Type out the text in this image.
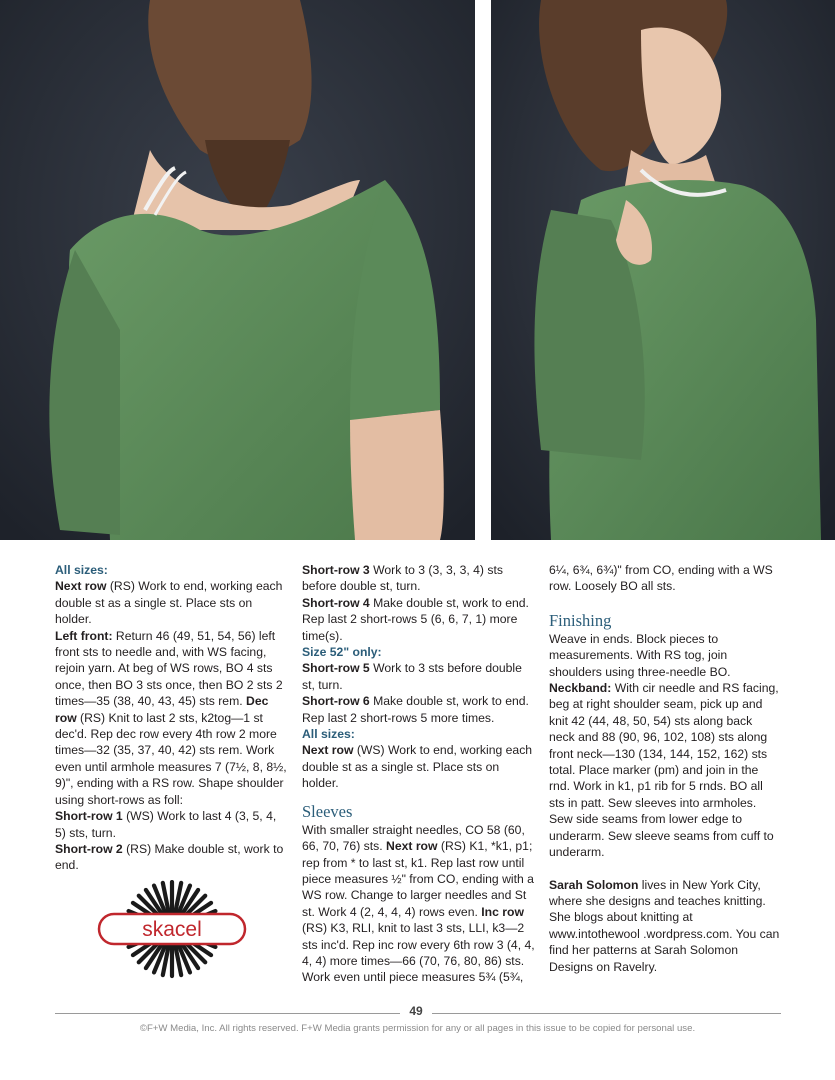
All sizes:

Next row (RS) Work to end, working each double st as a single st. Place sts on holder.

Left front: Return 46 (49, 51, 54, 56) left front sts to needle and, with WS facing, rejoin yarn. At beg of WS rows, BO 4 sts once, then BO 3 sts once, then BO 2 sts 2 times—35 (38, 40, 43, 45) sts rem. Dec row (RS) Knit to last 2 sts, k2tog—1 st dec'd. Rep dec row every 4th row 2 more times—32 (35, 37, 40, 42) sts rem. Work even until armhole measures 7 (7½, 8, 8½, 9)", ending with a RS row. Shape shoulder using short-rows as foll:

Short-row 1 (WS) Work to last 4 (3, 5, 4, 5) sts, turn.

Short-row 2 (RS) Make double st, work to end.

skacel

Short-row 3 Work to 3 (3, 3, 3, 4) sts before double st, turn.

Short-row 4 Make double st, work to end. Rep last 2 short-rows 5 (6, 6, 7, 1) more time(s).

Size 52" only:

Short-row 5 Work to 3 sts before double st, turn.

Short-row 6 Make double st, work to end. Rep last 2 short-rows 5 more times.

All sizes:

Next row (WS) Work to end, working each double st as a single st. Place sts on holder.

Sleeves

With smaller straight needles, CO 58 (60, 66, 70, 76) sts. Next row (RS) K1, *k1, p1; rep from * to last st, k1. Rep last row until piece measures ½" from CO, ending with a WS row. Change to larger needles and St st. Work 4 (2, 4, 4, 4) rows even. Inc row (RS) K3, RLI, knit to last 3 sts, LLI, k3—2 sts inc'd. Rep inc row every 6th row 3 (4, 4, 4, 4) more times—66 (70, 76, 80, 86) sts. Work even until piece measures 5¾ (5¾,

6¼, 6¾, 6¾)" from CO, ending with a WS row. Loosely BO all sts.

Finishing

Weave in ends. Block pieces to measurements. With RS tog, join shoulders using three-needle BO. Neckband: With cir needle and RS facing, beg at right shoulder seam, pick up and knit 42 (44, 48, 50, 54) sts along back neck and 88 (90, 96, 102, 108) sts along front neck—130 (134, 144, 152, 162) sts total. Place marker (pm) and join in the rnd. Work in k1, p1 rib for 5 rnds. BO all sts in patt. Sew sleeves into armholes. Sew side seams from lower edge to underarm. Sew sleeve seams from cuff to underarm.

Sarah Solomon lives in New York City, where she designs and teaches knitting. She blogs about knitting at www.intothewool .wordpress.com. You can find her patterns at Sarah Solomon Designs on Ravelry.

49
©F+W Media, Inc. All rights reserved. F+W Media grants permission for any or all pages in this issue to be copied for personal use.
